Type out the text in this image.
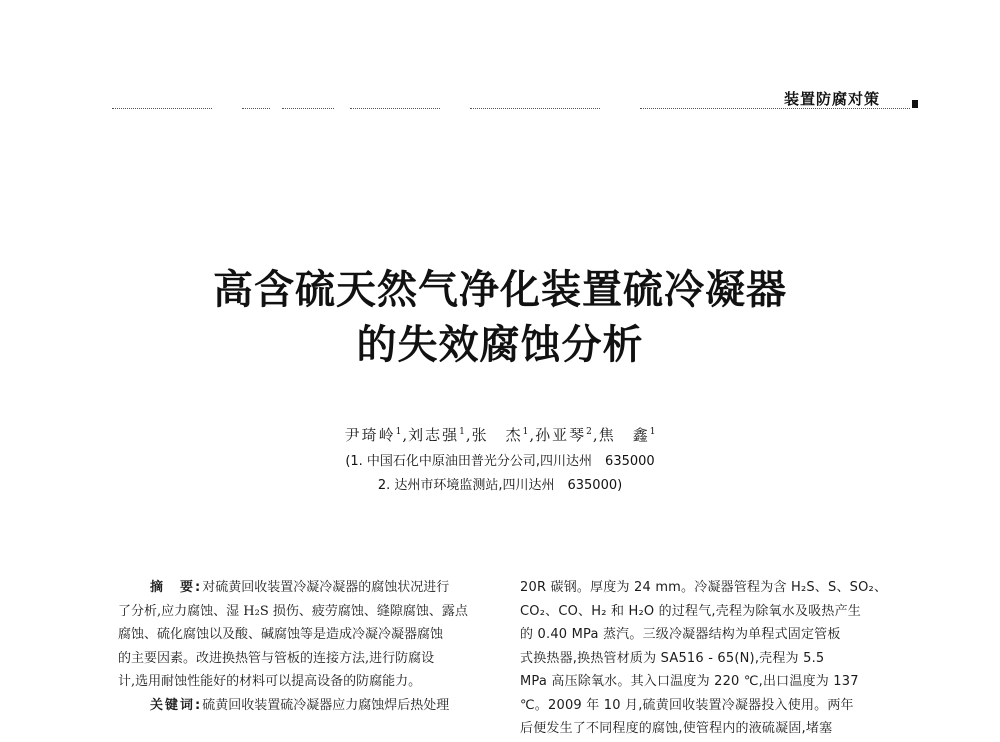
装置防腐对策
高含硫天然气净化装置硫冷凝器
的失效腐蚀分析
尹琦岭$^1$,刘志强$^1$,张　杰$^1$,孙亚琴$^2$,焦　鑫$^1$
(1. 中国石化中原油田普光分公司,四川达州　635000
2. 达州市环境监测站,四川达州　635000)

摘　要:对硫黄回收装置冷凝冷凝器的腐蚀状况进行

了分析,应力腐蚀、湿 H₂S 损伤、疲劳腐蚀、缝隙腐蚀、露点

腐蚀、硫化腐蚀以及酸、碱腐蚀等是造成冷凝冷凝器腐蚀

的主要因素。改进换热管与管板的连接方法,进行防腐设

计,选用耐蚀性能好的材料可以提高设备的防腐能力。

关键词:硫黄回收装置硫冷凝器应力腐蚀焊后热处理

20R 碳钢。厚度为 24 mm。冷凝器管程为含 H₂S、S、SO₂、

CO₂、CO、H₂ 和 H₂O 的过程气,壳程为除氧水及吸热产生

的 0.40 MPa 蒸汽。三级冷凝器结构为单程式固定管板

式换热器,换热管材质为 SA516 - 65(N),壳程为 5.5

MPa 高压除氧水。其入口温度为 220 ℃,出口温度为 137

℃。2009 年 10 月,硫黄回收装置冷凝器投入使用。两年

后便发生了不同程度的腐蚀,使管程内的液硫凝固,堵塞
